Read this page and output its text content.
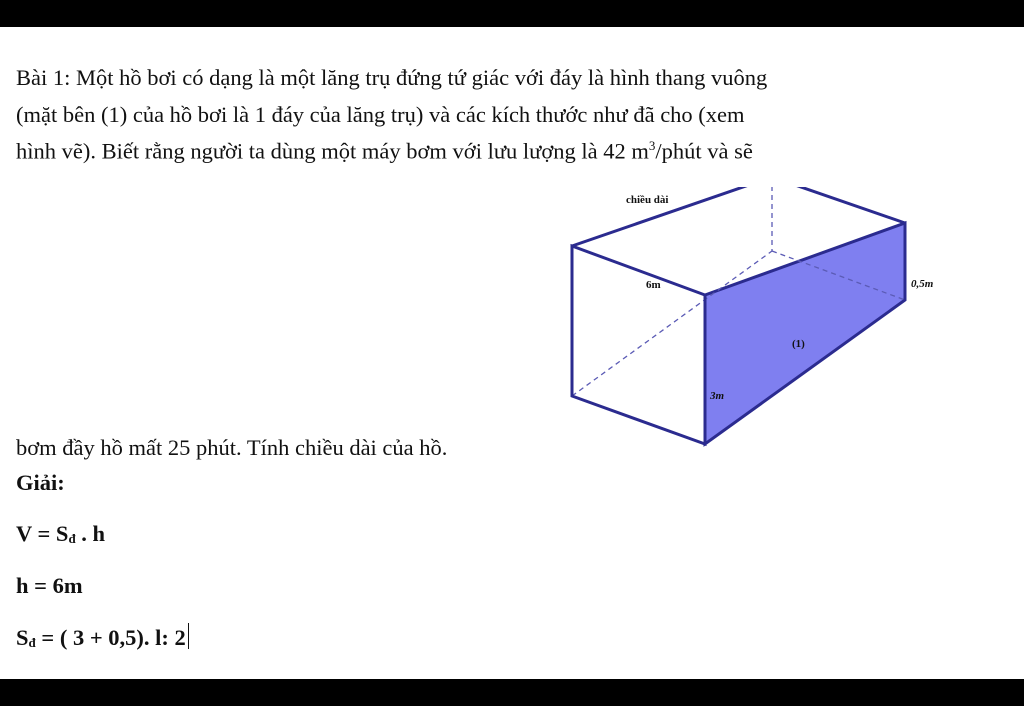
Bài 1: Một hồ bơi có dạng là một lăng trụ đứng tứ giác với đáy là hình thang vuông
(mặt bên (1) của hồ bơi là 1 đáy của lăng trụ) và các kích thước như đã cho (xem
hình vẽ). Biết rằng người ta dùng một máy bơm với lưu lượng là 42 $m^3$/phút và sẽ
bơm đầy hồ mất 25 phút. Tính chiều dài của hồ.
Giải:
$V = S_đ$ . h
h = 6m
$S_đ$ = ( 3 + 0,5). l: 2
chiều dài
6m	0,5m
(1)
3m
